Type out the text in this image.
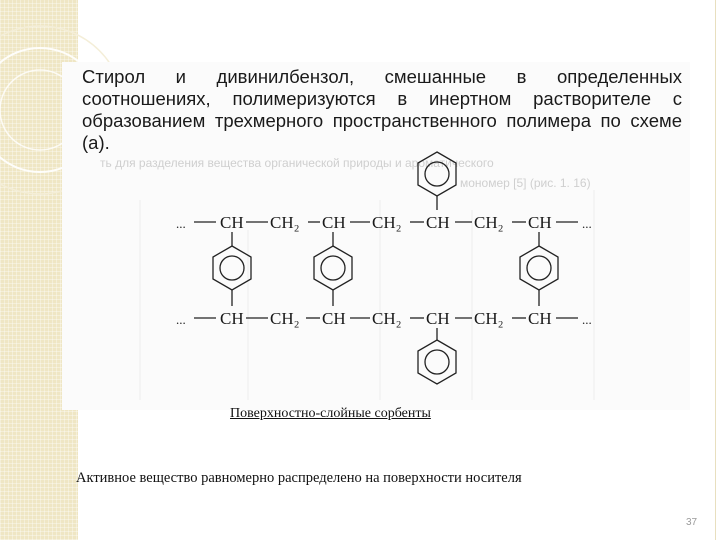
Стирол и дивинилбензол, смешанные в определенных соотношениях, полимеризуются в инертном растворителе с образованием трехмерного пространственного полимера по схеме (а).

ть для разделения вещества органической природы и ароматического
мономер [5] (рис. 1. 16)
... CH CH₂ CH CH₂ CH CH₂ CH ...
... CH CH₂ CH CH₂ CH CH₂ CH ...
Поверхностно-слойные сорбенты
Активное вещество равномерно распределено на поверхности носителя
37
